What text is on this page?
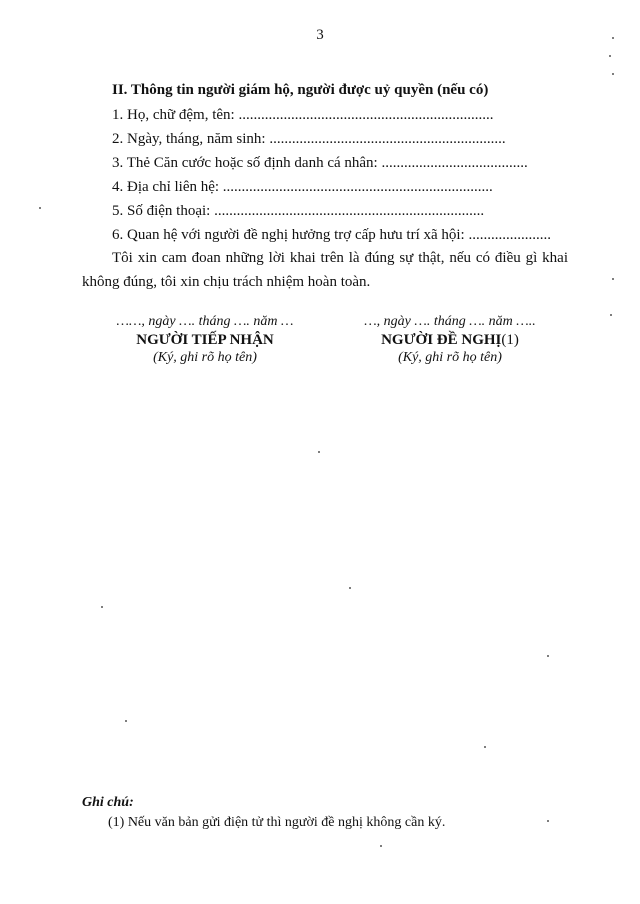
3
II. Thông tin người giám hộ, người được uỷ quyền (nếu có)
1. Họ, chữ đệm, tên: ....................................................................
2. Ngày, tháng, năm sinh: ...............................................................
3. Thẻ Căn cước hoặc số định danh cá nhân: .......................................
4. Địa chỉ liên hệ: ........................................................................
5. Số điện thoại: ........................................................................
6. Quan hệ với người đề nghị hưởng trợ cấp hưu trí xã hội: ......................
Tôi xin cam đoan những lời khai trên là đúng sự thật, nếu có điều gì khai không đúng, tôi xin chịu trách nhiệm hoàn toàn.
……, ngày …. tháng …. năm …
NGƯỜI TIẾP NHẬN
(Ký, ghi rõ họ tên)
…, ngày …. tháng …. năm …..
NGƯỜI ĐỀ NGHỊ(1)
(Ký, ghi rõ họ tên)
Ghi chú:
(1) Nếu văn bản gửi điện tử thì người đề nghị không cần ký.
